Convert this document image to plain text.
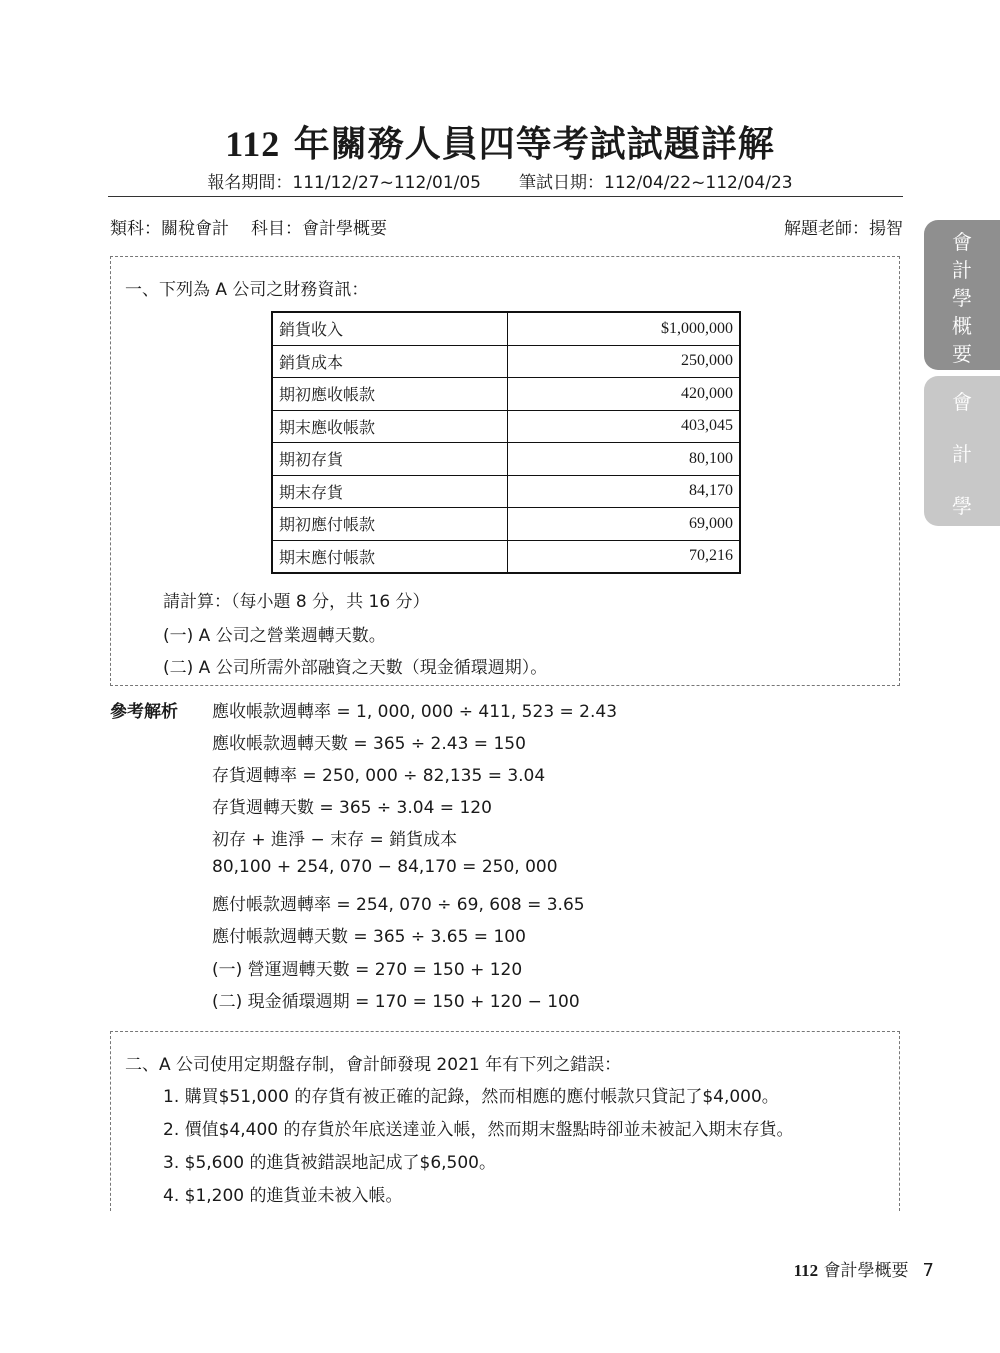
112 年關務人員四等考試試題詳解
報名期間：111/12/27~112/01/05 筆試日期：112/04/22~112/04/23
類科：關稅會計 科目：會計學概要	解題老師：揚智
會
計
學
概
要
會
計
學
一、下列為 A 公司之財務資訊：
銷貨收入	$1,000,000
銷貨成本	250,000
期初應收帳款	420,000
期末應收帳款	403,045
期初存貨	80,100
期末存貨	84,170
期初應付帳款	69,000
期末應付帳款	70,216
請計算：（每小題 8 分，共 16 分）
(一) A 公司之營業週轉天數。
(二) A 公司所需外部融資之天數（現金循環週期）。
參考解析 應收帳款週轉率 = 1, 000, 000 ÷ 411, 523 = 2.43
應收帳款週轉天數 = 365 ÷ 2.43 = 150
存貨週轉率 = 250, 000 ÷ 82,135 = 3.04
存貨週轉天數 = 365 ÷ 3.04 = 120
初存 + 進淨 − 末存 = 銷貨成本
80,100 + 254, 070 − 84,170 = 250, 000
應付帳款週轉率 = 254, 070 ÷ 69, 608 = 3.65
應付帳款週轉天數 = 365 ÷ 3.65 = 100
(一) 營運週轉天數 = 270 = 150 + 120
(二) 現金循環週期 = 170 = 150 + 120 − 100
二、A 公司使用定期盤存制，會計師發現 2021 年有下列之錯誤：
1. 購買$51,000 的存貨有被正確的記錄，然而相應的應付帳款只貸記了$4,000。
2. 價值$4,400 的存貨於年底送達並入帳，然而期末盤點時卻並未被記入期末存貨。
3. $5,600 的進貨被錯誤地記成了$6,500。
4. $1,200 的進貨並未被入帳。
112 會計學概要 7
